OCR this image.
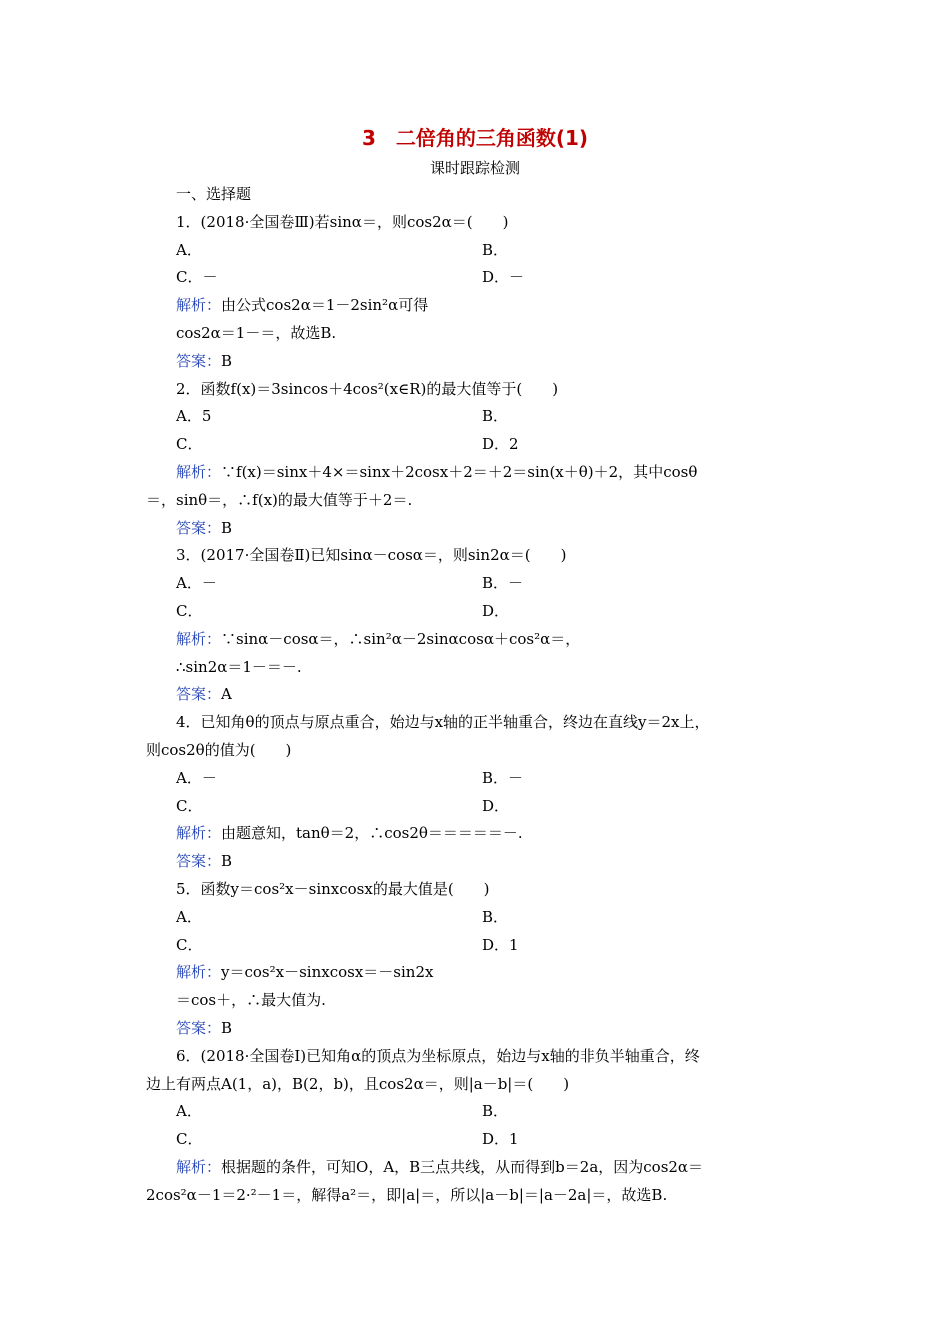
3　二倍角的三角函数(1)
课时跟踪检测
一、选择题
1．(2018·全国卷Ⅲ)若sinα＝，则cos2α＝(　　)
A．	B．
C．－	D．－
解析：由公式cos2α＝1－2sin²α可得
cos2α＝1－＝，故选B.
答案：B
2．函数f(x)＝3sincos＋4cos²(x∈R)的最大值等于(　　)
A．5	B．
C．	D．2
解析：∵f(x)＝sinx＋4×＝sinx＋2cosx＋2＝＋2＝sin(x＋θ)＋2，其中cosθ
＝，sinθ＝，∴f(x)的最大值等于＋2＝.
答案：B
3．(2017·全国卷Ⅱ)已知sinα－cosα＝，则sin2α＝(　　)
A．－	B．－
C．	D．
解析：∵sinα－cosα＝，∴sin²α－2sinαcosα＋cos²α＝，
∴sin2α＝1－＝－.
答案：A
4．已知角θ的顶点与原点重合，始边与x轴的正半轴重合，终边在直线y＝2x上，
则cos2θ的值为(　　)
A．－	B．－
C．	D．
解析：由题意知，tanθ＝2，∴cos2θ＝＝＝＝＝－.
答案：B
5．函数y＝cos²x－sinxcosx的最大值是(　　)
A．	B．
C．	D．1
解析：y＝cos²x－sinxcosx＝－sin2x
＝cos＋，∴最大值为.
答案：B
6．(2018·全国卷Ⅰ)已知角α的顶点为坐标原点，始边与x轴的非负半轴重合，终
边上有两点A(1，a)，B(2，b)，且cos2α＝，则|a－b|＝(　　)
A．	B．
C．	D．1
解析：根据题的条件，可知O，A，B三点共线，从而得到b＝2a，因为cos2α＝
2cos²α－1＝2·²－1＝，解得a²＝，即|a|＝，所以|a－b|＝|a－2a|＝，故选B.
